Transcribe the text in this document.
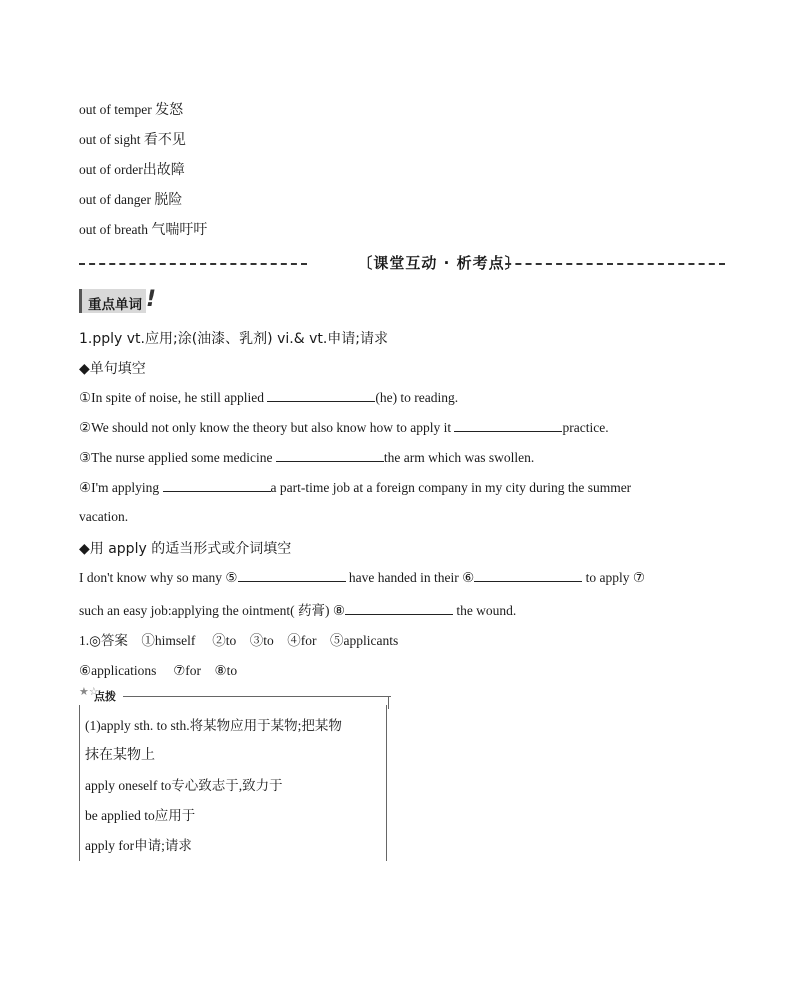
out of temper 发怒
out of sight 看不见
out of order出故障
out of danger 脱险
out of breath 气喘吁吁
〔课堂互动 · 析考点〕
重点单词 !
1.pply vt.应用;涂(油漆、乳剂) vi.& vt.申请;请求
◆单句填空
①In spite of noise, he still applied	(he) to reading.
②We should not only know the theory but also know how to apply it	practice.
③The nurse applied some medicine	the arm which was swollen.
④I'm applying	a part-time job at a foreign company in my city during the summer
vacation.
◆用 apply 的适当形式或介词填空
I don't know why so many ⑤	have handed in their ⑥	to apply ⑦
such an easy job:applying the ointment( 药膏) ⑧	the wound.
1.◎答案　①himself　 ②to　③to　④for　⑤applicants
⑥applications　 ⑦for　⑧to
★☆
点拨
(1)apply sth. to sth.将某物应用于某物;把某物
抹在某物上
apply oneself to专心致志于,致力于
be applied to应用于
apply for申请;请求
